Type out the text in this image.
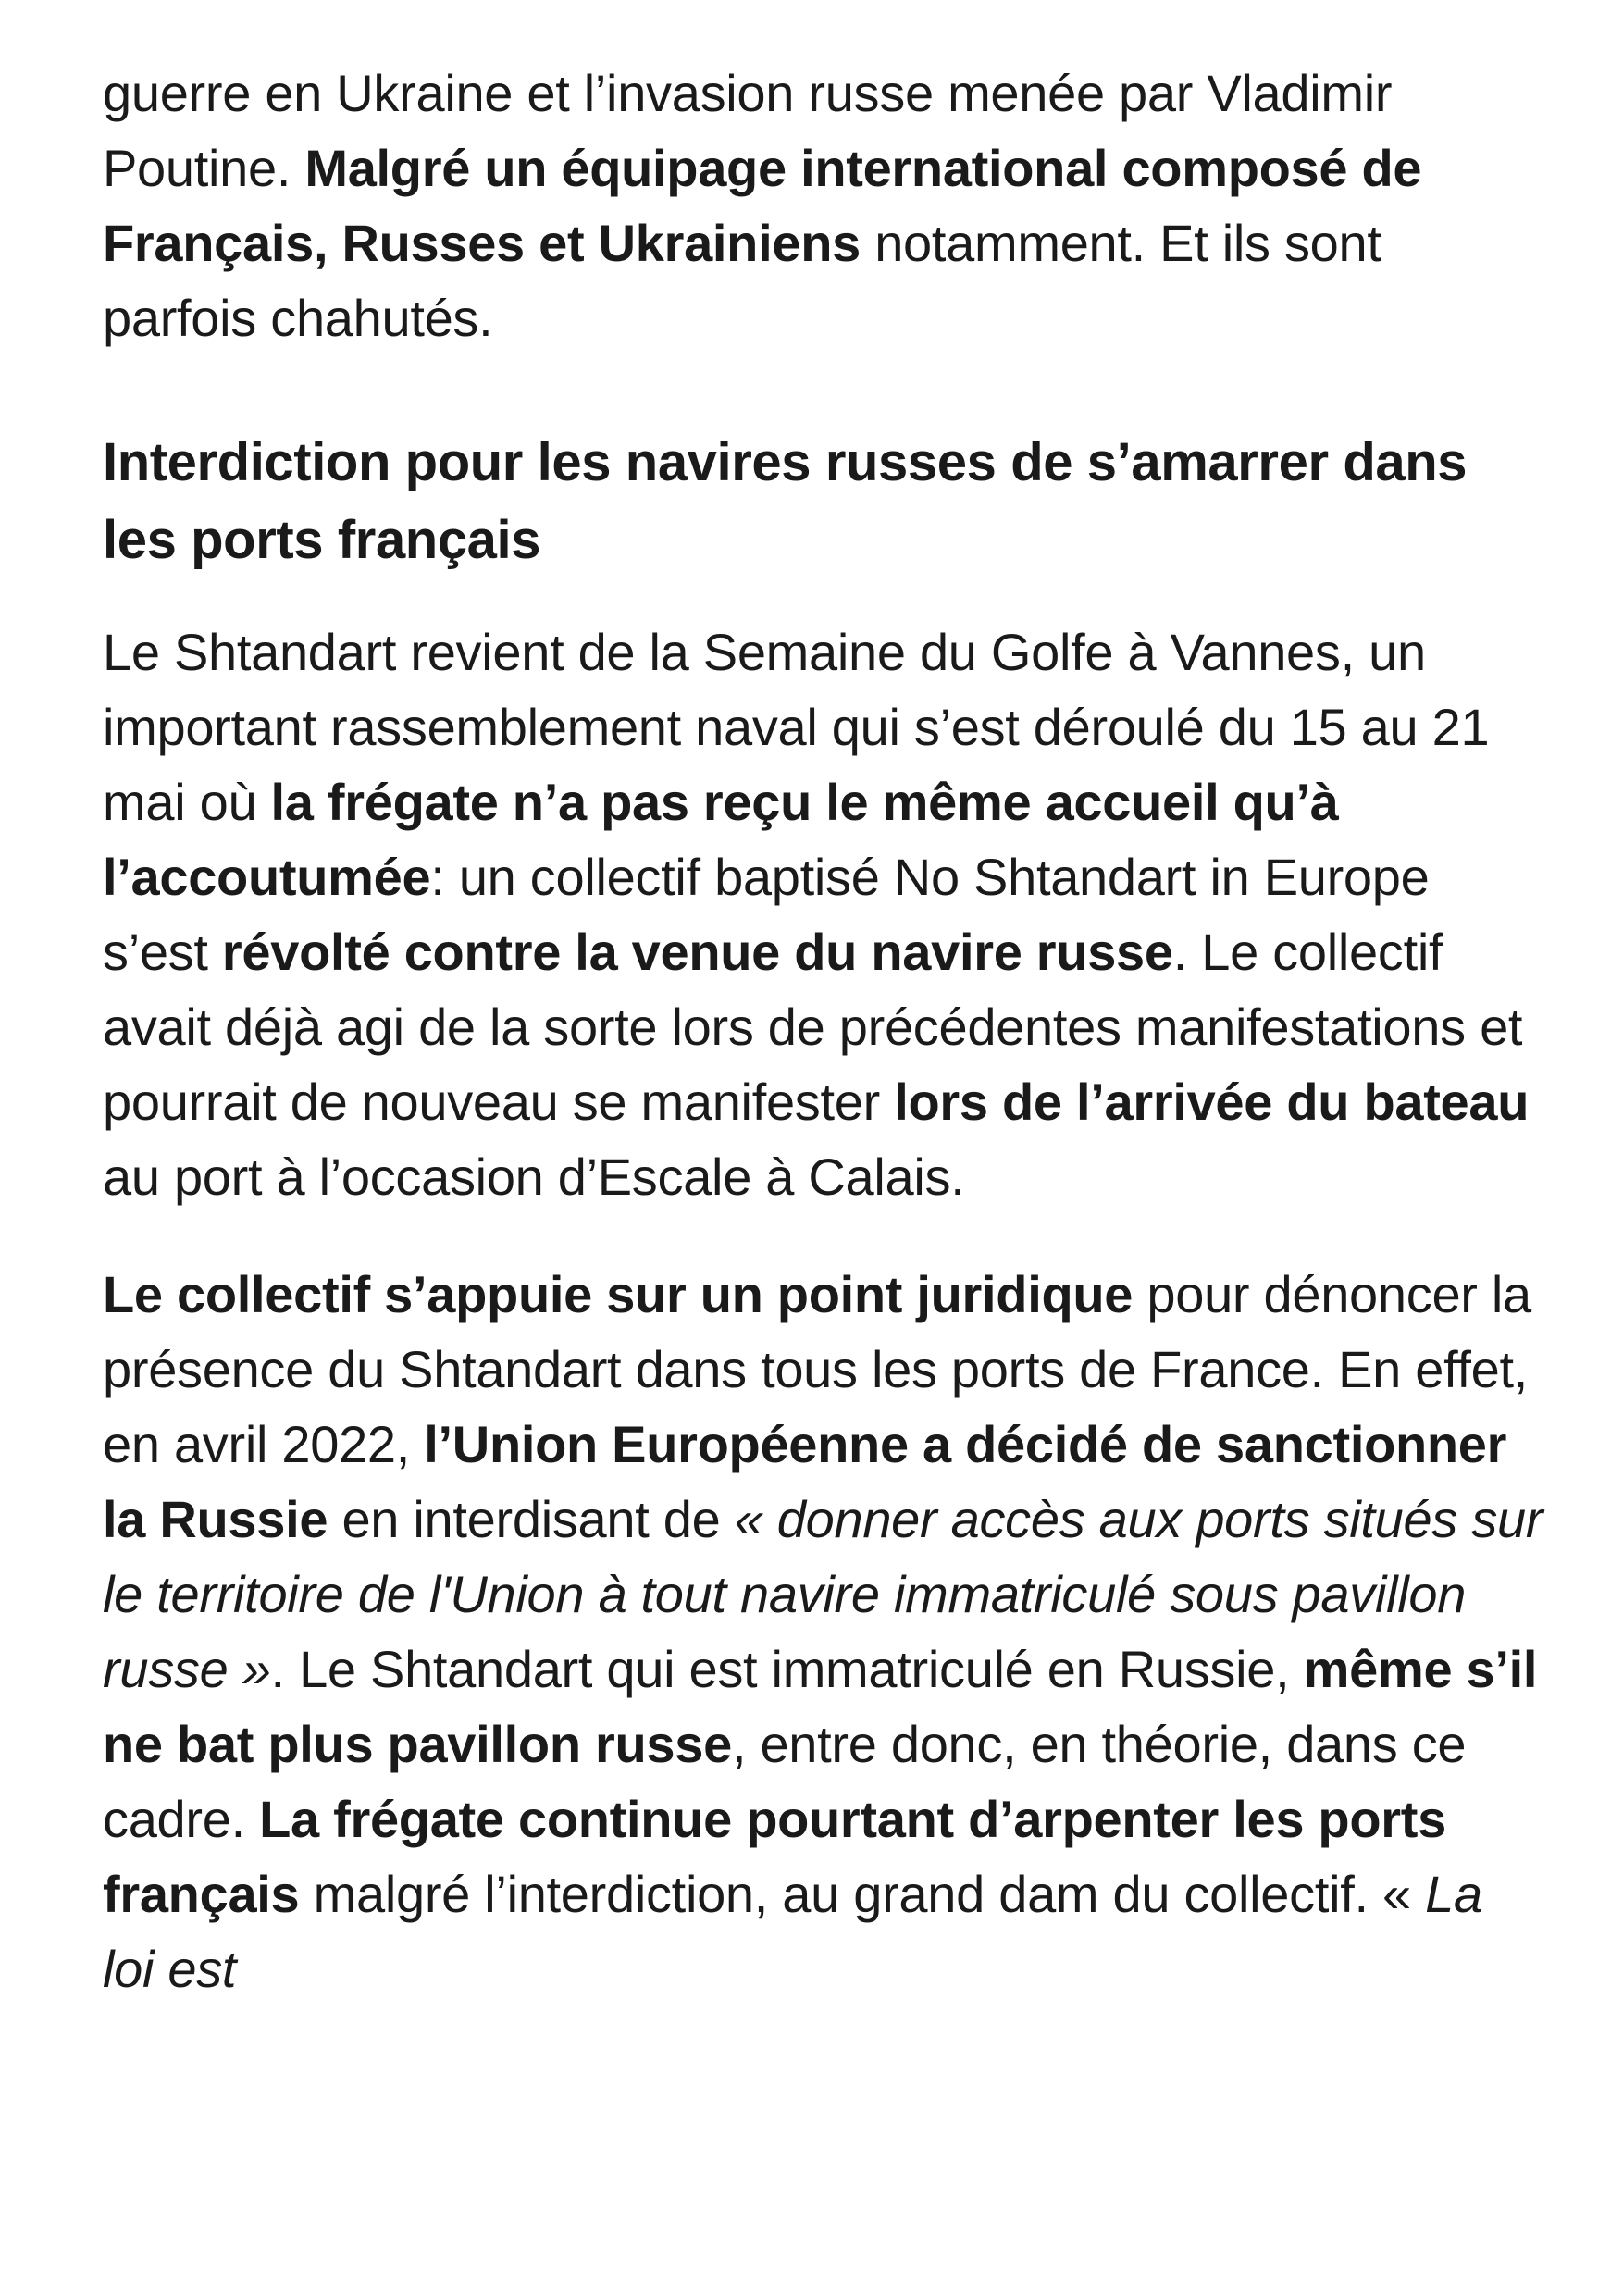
guerre en Ukraine et l’invasion russe menée par Vladimir Poutine. Malgré un équipage international composé de Français, Russes et Ukrainiens notamment. Et ils sont parfois chahutés.

Interdiction pour les navires russes de s’amarrer dans les ports français

Le Shtandart revient de la Semaine du Golfe à Vannes, un important rassemblement naval qui s’est déroulé du 15 au 21 mai où la frégate n’a pas reçu le même accueil qu’à l’accoutumée: un collectif baptisé No Shtandart in Europe s’est révolté contre la venue du navire russe. Le collectif avait déjà agi de la sorte lors de précédentes manifestations et pourrait de nouveau se manifester lors de l’arrivée du bateau au port à l’occasion d’Escale à Calais.

Le collectif s’appuie sur un point juridique pour dénoncer la présence du Shtandart dans tous les ports de France. En effet, en avril 2022, l’Union Européenne a décidé de sanctionner la Russie en interdisant de « donner accès aux ports situés sur le territoire de l'Union à tout navire immatriculé sous pavillon russe ». Le Shtandart qui est immatriculé en Russie, même s’il ne bat plus pavillon russe, entre donc, en théorie, dans ce cadre. La frégate continue pourtant d’arpenter les ports français malgré l’interdiction, au grand dam du collectif. « La loi est
